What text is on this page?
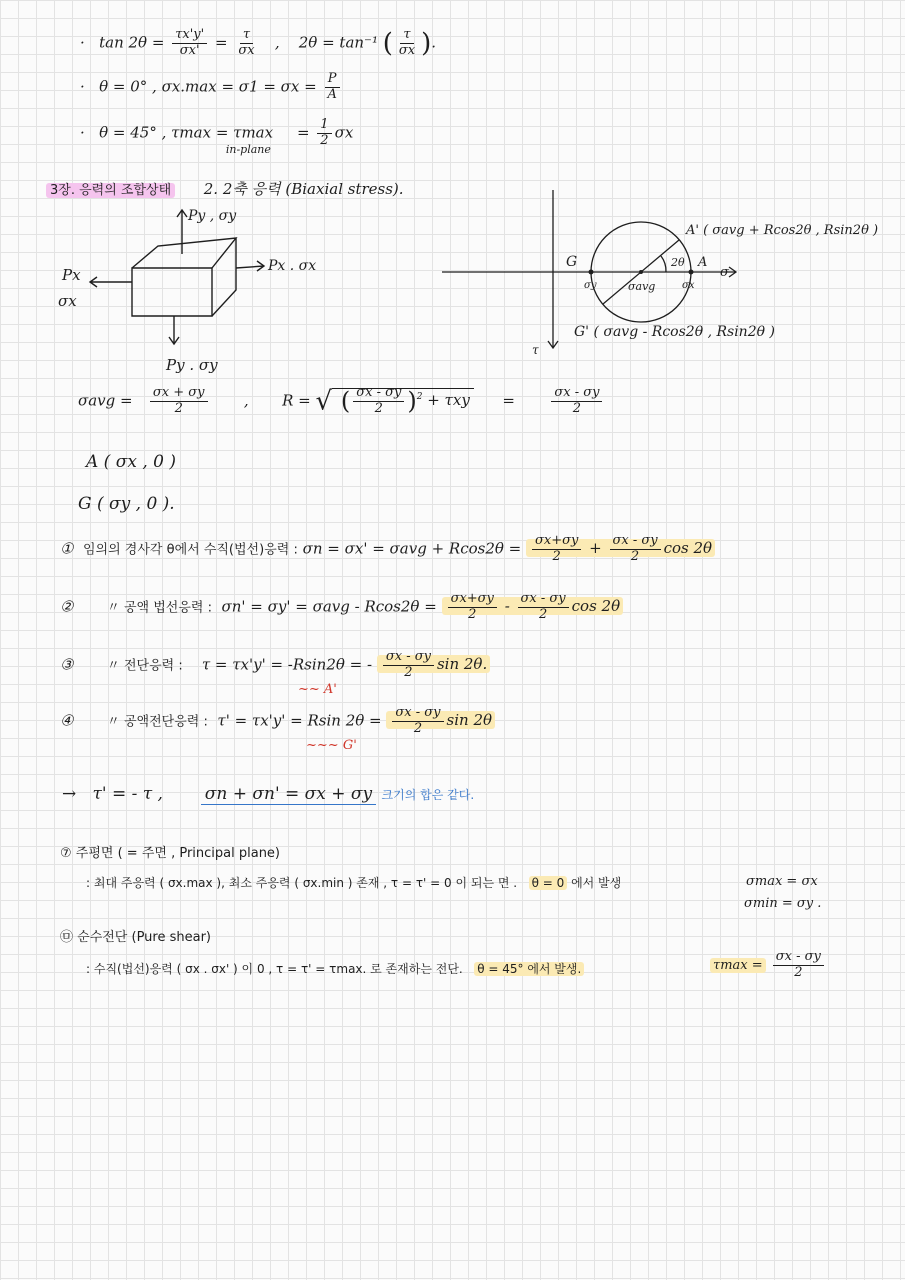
· $\tan 2\theta = \frac{\tau x'y'}{\sigma x'} = \frac{\tau}{\sigma x}$ , 2θ = tan⁻¹ ( $\frac{\tau}{\sigma x}$ ).
· θ = 0° , $\sigma x.\max = \sigma 1 = \sigma x = \frac{P}{A}$
· θ = 45° , τmax = τmax
in-plane
= $\frac{1}{2}$ σx
3장. 응력의 조합상태 2. 2축 응력 (Biaxial stress).
Py , σy
Px . σx
Px
σx
Py . σy
A' ( σavg + Rcos2θ , Rsin2θ )
G	A
σ
2θ
σavg
σy	σx
G' ( σavg - Rcos2θ , Rsin2θ )
τ
$\sigma avg = \frac{\sigma x + \sigma y}{2}$ , R = √ ( $\frac{\sigma x - \sigma y}{2} )^2 + \tau xy$ =	$\frac{\sigma x - \sigma y}{2}$
A ( σx , 0 )
G ( σy , 0 ).
① 임의의 경사각 θ에서 수직(법선)응력 : $\sigma n = \sigma x' = \sigma avg + Rcos2\theta = \frac{\sigma x+\sigma y}{2} + \frac{\sigma x - \sigma y}{2}$ cos 2θ
②	〃 공액 법선응력 : $\sigma n' = \sigma y' = \sigma avg - Rcos2\theta = \frac{\sigma x+\sigma y}{2} - \frac{\sigma x - \sigma y}{2}$ cos 2θ
③	〃 전단응력 : τ = τx'y' = -Rsin2θ = - $\frac{\sigma x - \sigma y}{2}$ sin 2θ.
~~ A'
④	〃 공액전단응력 : τ' = τx'y' = Rsin $2\theta = \frac{\sigma x - \sigma y}{2}$ sin 2θ
~~~ G'
→ τ' = - τ , σn + σn' = σx + σy 크기의 합은 같다.
⑦ 주평면 ( = 주면 , Principal plane)
: 최대 주응력 ( σx.max ), 최소 주응력 ( σx.min ) 존재 , τ = τ' = 0 이 되는 면 . θ = 0 에서 발생	σmax = σx
σmin = σy .
㉤ 순수전단 (Pure shear)
: 수직(법선)응력 ( σx . σx' ) 이 0 , τ = τ' = τmax. 로 존재하는 전단. θ = 45° 에서 발생.	$\tau\max = \frac{\sigma x - \sigma y}{2}$
